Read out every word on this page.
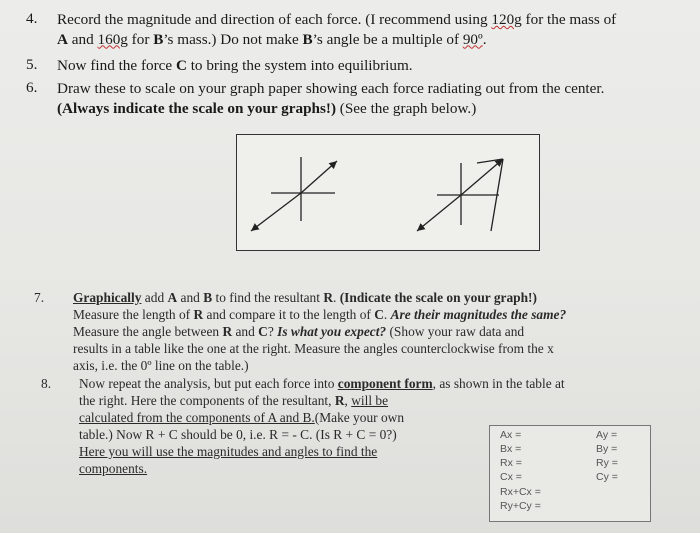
4. Record the magnitude and direction of each force. (I recommend using 120g for the mass of
A and 160g for B’s mass.) Do not make B’s angle be a multiple of 90º.
5. Now find the force C to bring the system into equilibrium.
6. Draw these to scale on your graph paper showing each force radiating out from the center.
(Always indicate the scale on your graphs!) (See the graph below.)
7. Graphically add A and B to find the resultant R. (Indicate the scale on your graph!)
Measure the length of R and compare it to the length of C. Are their magnitudes the same?
Measure the angle between R and C? Is what you expect? (Show your raw data and
results in a table like the one at the right. Measure the angles counterclockwise from the x
axis, i.e. the 0º line on the table.)
8. Now repeat the analysis, but put each force into component form, as shown in the table at
the right. Here the components of the resultant, R, will be
calculated from the components of A and B.(Make your own
table.) Now R + C should be 0, i.e. R = - C. (Is R + C = 0?)
Here you will use the magnitudes and angles to find the
components.
Ax =
Bx =
Rx =
Cx =
Rx+Cx =
Ry+Cy =
Ay =
By =
Ry =
Cy =
